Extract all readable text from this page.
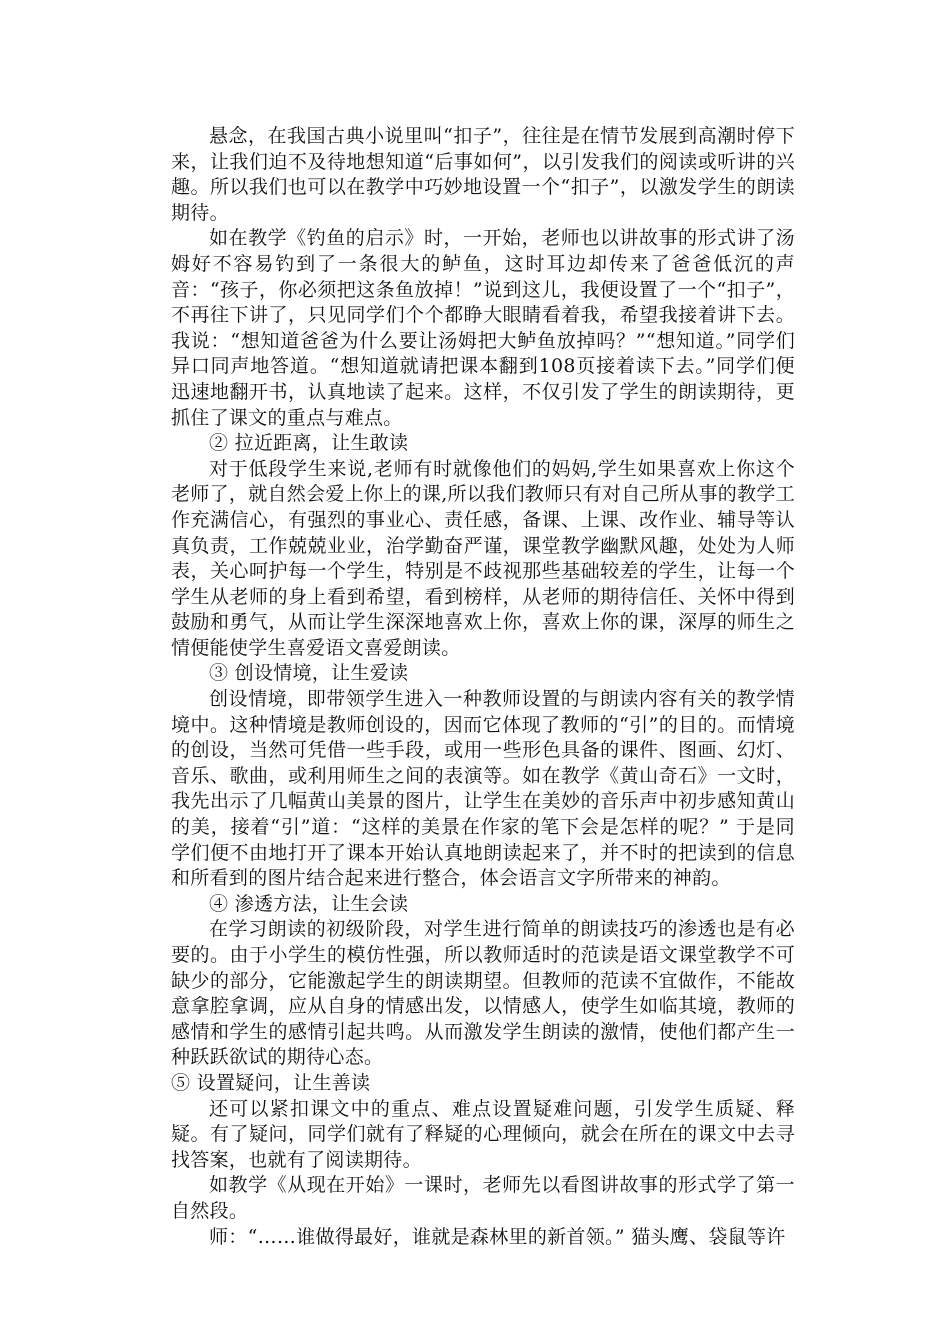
悬念，在我国古典小说里叫“扣子”，往往是在情节发展到高潮时停下来，让我们迫不及待地想知道“后事如何”，以引发我们的阅读或听讲的兴趣。所以我们也可以在教学中巧妙地设置一个“扣子”，以激发学生的朗读期待。

如在教学《钓鱼的启示》时，一开始，老师也以讲故事的形式讲了汤姆好不容易钓到了一条很大的鲈鱼，这时耳边却传来了爸爸低沉的声音：“孩子，你必须把这条鱼放掉！”说到这儿，我便设置了一个“扣子”，不再往下讲了，只见同学们个个都睁大眼睛看着我，希望我接着讲下去。我说：“想知道爸爸为什么要让汤姆把大鲈鱼放掉吗？”“想知道。”同学们异口同声地答道。“想知道就请把课本翻到108页接着读下去。”同学们便迅速地翻开书，认真地读了起来。这样，不仅引发了学生的朗读期待，更抓住了课文的重点与难点。

② 拉近距离，让生敢读

对于低段学生来说,老师有时就像他们的妈妈,学生如果喜欢上你这个老师了，就自然会爱上你上的课,所以我们教师只有对自己所从事的教学工作充满信心，有强烈的事业心、责任感，备课、上课、改作业、辅导等认真负责，工作兢兢业业，治学勤奋严谨，课堂教学幽默风趣，处处为人师表，关心呵护每一个学生，特别是不歧视那些基础较差的学生，让每一个学生从老师的身上看到希望，看到榜样，从老师的期待信任、关怀中得到鼓励和勇气，从而让学生深深地喜欢上你，喜欢上你的课，深厚的师生之情便能使学生喜爱语文喜爱朗读。

③ 创设情境，让生爱读

创设情境，即带领学生进入一种教师设置的与朗读内容有关的教学情境中。这种情境是教师创设的，因而它体现了教师的“引”的目的。而情境的创设，当然可凭借一些手段，或用一些形色具备的课件、图画、幻灯、音乐、歌曲，或利用师生之间的表演等。如在教学《黄山奇石》一文时，我先出示了几幅黄山美景的图片，让学生在美妙的音乐声中初步感知黄山的美，接着“引”道：“这样的美景在作家的笔下会是怎样的呢？” 于是同学们便不由地打开了课本开始认真地朗读起来了，并不时的把读到的信息和所看到的图片结合起来进行整合，体会语言文字所带来的神韵。

④ 渗透方法，让生会读

在学习朗读的初级阶段，对学生进行简单的朗读技巧的渗透也是有必要的。由于小学生的模仿性强，所以教师适时的范读是语文课堂教学不可缺少的部分，它能激起学生的朗读期望。但教师的范读不宜做作，不能故意拿腔拿调，应从自身的情感出发，以情感人，使学生如临其境，教师的感情和学生的感情引起共鸣。从而激发学生朗读的激情，使他们都产生一种跃跃欲试的期待心态。

⑤ 设置疑问，让生善读

还可以紧扣课文中的重点、难点设置疑难问题，引发学生质疑、释疑。有了疑问，同学们就有了释疑的心理倾向，就会在所在的课文中去寻找答案，也就有了阅读期待。

如教学《从现在开始》一课时，老师先以看图讲故事的形式学了第一自然段。

师：“……谁做得最好，谁就是森林里的新首领。” 猫头鹰、袋鼠等许
